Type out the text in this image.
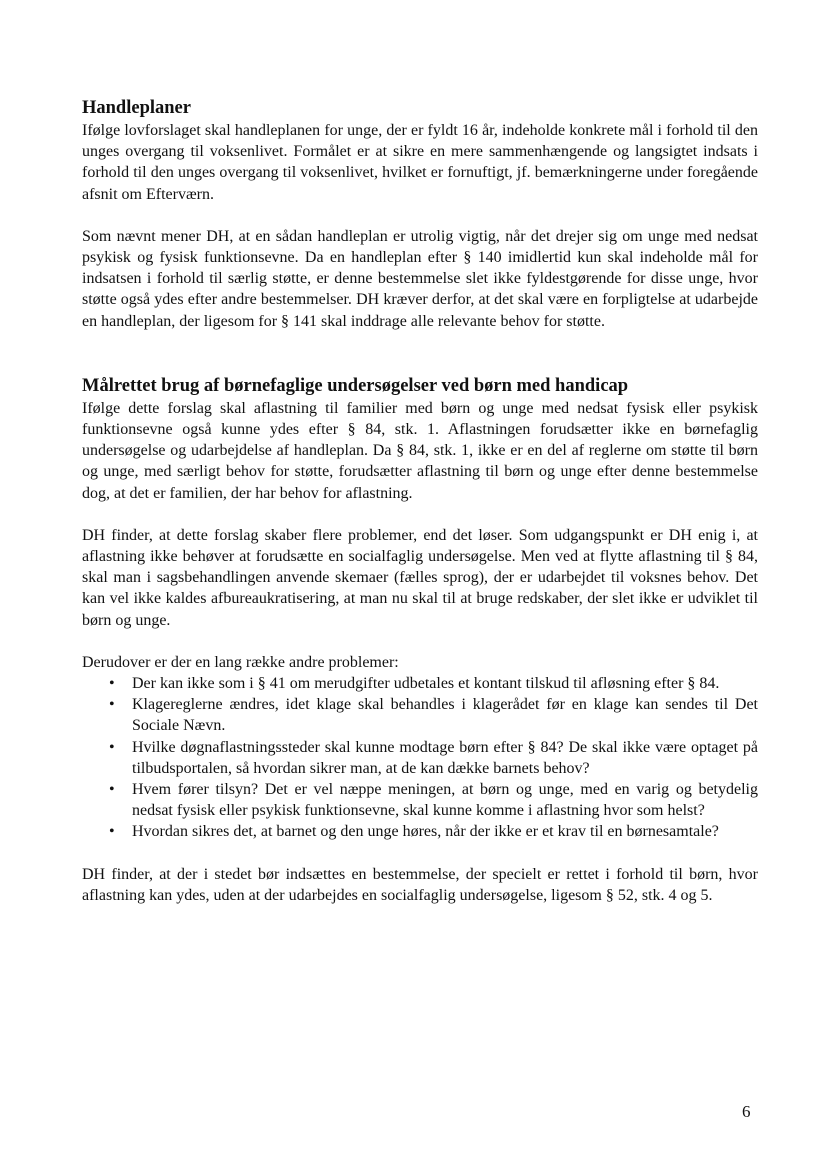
Handleplaner

Ifølge lovforslaget skal handleplanen for unge, der er fyldt 16 år, indeholde konkrete mål i forhold til den unges overgang til voksenlivet. Formålet er at sikre en mere sammenhængende og langsigtet indsats i forhold til den unges overgang til voksenlivet, hvilket er fornuftigt, jf. bemærkningerne under foregående afsnit om Efterværn.

Som nævnt mener DH, at en sådan handleplan er utrolig vigtig, når det drejer sig om unge med nedsat psykisk og fysisk funktionsevne. Da en handleplan efter § 140 imidlertid kun skal indeholde mål for indsatsen i forhold til særlig støtte, er denne bestemmelse slet ikke fyldestgørende for disse unge, hvor støtte også ydes efter andre bestemmelser. DH kræver derfor, at det skal være en forpligtelse at udarbejde en handleplan, der ligesom for § 141 skal inddrage alle relevante behov for støtte.

Målrettet brug af børnefaglige undersøgelser ved børn med handicap

Ifølge dette forslag skal aflastning til familier med børn og unge med nedsat fysisk eller psykisk funktionsevne også kunne ydes efter § 84, stk. 1. Aflastningen forudsætter ikke en børnefaglig undersøgelse og udarbejdelse af handleplan. Da § 84, stk. 1, ikke er en del af reglerne om støtte til børn og unge, med særligt behov for støtte, forudsætter aflastning til børn og unge efter denne bestemmelse dog, at det er familien, der har behov for aflastning.

DH finder, at dette forslag skaber flere problemer, end det løser. Som udgangspunkt er DH enig i, at aflastning ikke behøver at forudsætte en socialfaglig undersøgelse. Men ved at flytte aflastning til § 84, skal man i sagsbehandlingen anvende skemaer (fælles sprog), der er udarbejdet til voksnes behov. Det kan vel ikke kaldes afbureaukratisering, at man nu skal til at bruge redskaber, der slet ikke er udviklet til børn og unge.

Derudover er der en lang række andre problemer:

• Der kan ikke som i § 41 om merudgifter udbetales et kontant tilskud til afløsning efter § 84.
• Klagereglerne ændres, idet klage skal behandles i klagerådet før en klage kan sendes til Det Sociale Nævn.
• Hvilke døgnaflastningssteder skal kunne modtage børn efter § 84? De skal ikke være optaget på tilbudsportalen, så hvordan sikrer man, at de kan dække barnets behov?
• Hvem fører tilsyn? Det er vel næppe meningen, at børn og unge, med en varig og betydelig nedsat fysisk eller psykisk funktionsevne, skal kunne komme i aflastning hvor som helst?
• Hvordan sikres det, at barnet og den unge høres, når der ikke er et krav til en børnesamtale?

DH finder, at der i stedet bør indsættes en bestemmelse, der specielt er rettet i forhold til børn, hvor aflastning kan ydes, uden at der udarbejdes en socialfaglig undersøgelse, ligesom § 52, stk. 4 og 5.

6
